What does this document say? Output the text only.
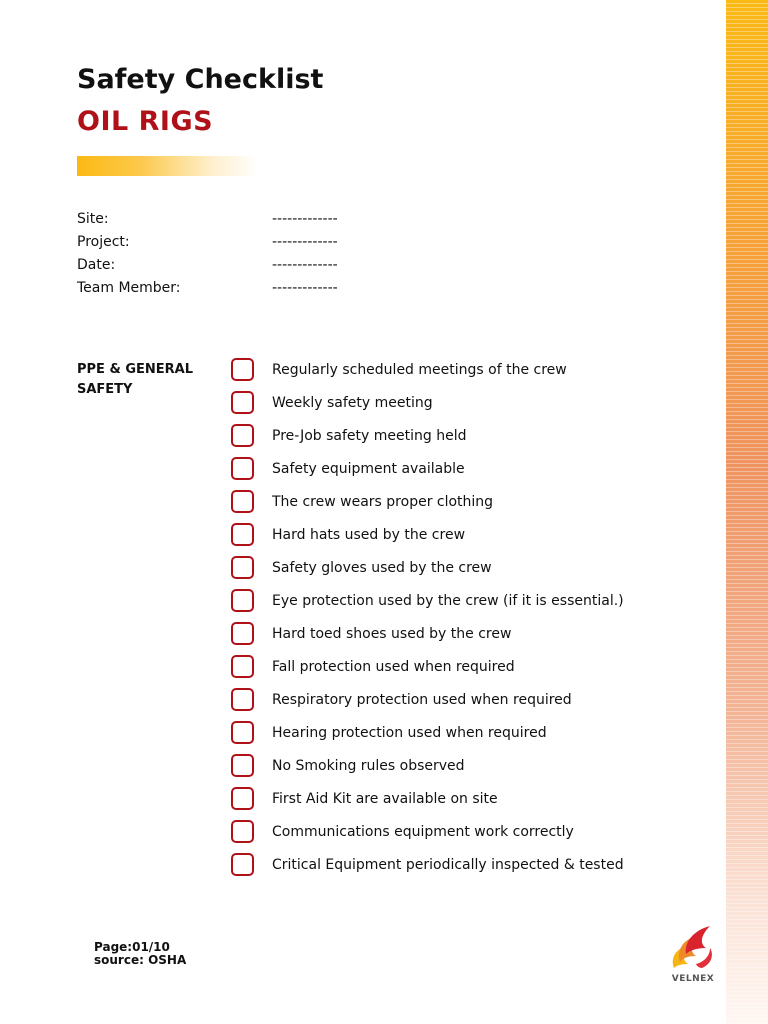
Safety Checklist
OIL RIGS
Site:	-------------
Project:	-------------
Date:	-------------
Team Member:	-------------
PPE & GENERAL SAFETY
Regularly scheduled meetings of the crew
Weekly safety meeting
Pre-Job safety meeting held
Safety equipment available
The crew wears proper clothing
Hard hats used by the crew
Safety gloves used by the crew
Eye protection used by the crew (if it is essential.)
Hard toed shoes used by the crew
Fall protection used when required
Respiratory protection used when required
Hearing protection used when required
No Smoking rules observed
First Aid Kit are available on site
Communications equipment work correctly
Critical Equipment periodically inspected & tested
Page:01/10
source: OSHA
VELNEX
